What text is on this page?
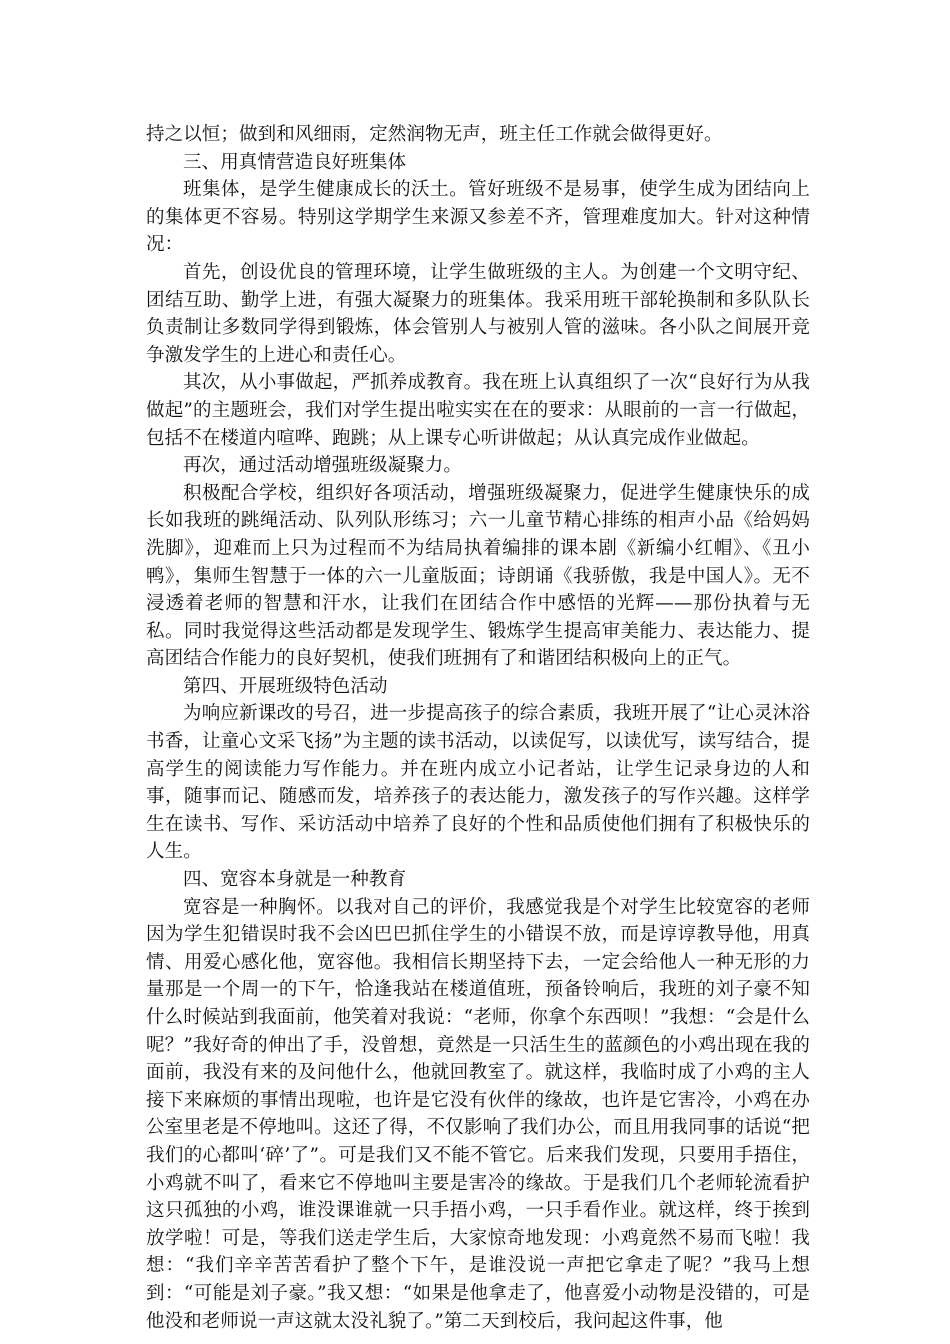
持之以恒；做到和风细雨，定然润物无声，班主任工作就会做得更好。

三、用真情营造良好班集体

班集体，是学生健康成长的沃土。管好班级不是易事，使学生成为团结向上的集体更不容易。特别这学期学生来源又参差不齐，管理难度加大。针对这种情况：

首先，创设优良的管理环境，让学生做班级的主人。为创建一个文明守纪、团结互助、勤学上进，有强大凝聚力的班集体。我采用班干部轮换制和多队队长负责制让多数同学得到锻炼，体会管别人与被别人管的滋味。各小队之间展开竞争激发学生的上进心和责任心。

其次，从小事做起，严抓养成教育。我在班上认真组织了一次“良好行为从我做起”的主题班会，我们对学生提出啦实实在在的要求：从眼前的一言一行做起，包括不在楼道内喧哗、跑跳；从上课专心听讲做起；从认真完成作业做起。

再次，通过活动增强班级凝聚力。

积极配合学校，组织好各项活动，增强班级凝聚力，促进学生健康快乐的成长如我班的跳绳活动、队列队形练习；六一儿童节精心排练的相声小品《给妈妈洗脚》，迎难而上只为过程而不为结局执着编排的课本剧《新编小红帽》、《丑小鸭》，集师生智慧于一体的六一儿童版面；诗朗诵《我骄傲，我是中国人》。无不浸透着老师的智慧和汗水，让我们在团结合作中感悟的光辉——那份执着与无私。同时我觉得这些活动都是发现学生、锻炼学生提高审美能力、表达能力、提高团结合作能力的良好契机，使我们班拥有了和谐团结积极向上的正气。

第四、开展班级特色活动

为响应新课改的号召，进一步提高孩子的综合素质，我班开展了“让心灵沐浴书香，让童心文采飞扬”为主题的读书活动，以读促写，以读优写，读写结合，提高学生的阅读能力写作能力。并在班内成立小记者站，让学生记录身边的人和事，随事而记、随感而发，培养孩子的表达能力，激发孩子的写作兴趣。这样学生在读书、写作、采访活动中培养了良好的个性和品质使他们拥有了积极快乐的人生。

四、宽容本身就是一种教育

宽容是一种胸怀。以我对自己的评价，我感觉我是个对学生比较宽容的老师因为学生犯错误时我不会凶巴巴抓住学生的小错误不放，而是谆谆教导他，用真情、用爱心感化他，宽容他。我相信长期坚持下去，一定会给他人一种无形的力量那是一个周一的下午，恰逢我站在楼道值班，预备铃响后，我班的刘子豪不知什么时候站到我面前，他笑着对我说：“老师，你拿个东西呗！”我想：“会是什么呢？”我好奇的伸出了手，没曾想，竟然是一只活生生的蓝颜色的小鸡出现在我的面前，我没有来的及问他什么，他就回教室了。就这样，我临时成了小鸡的主人接下来麻烦的事情出现啦，也许是它没有伙伴的缘故，也许是它害冷，小鸡在办公室里老是不停地叫。这还了得，不仅影响了我们办公，而且用我同事的话说“把我们的心都叫‘碎’了”。可是我们又不能不管它。后来我们发现，只要用手捂住，小鸡就不叫了，看来它不停地叫主要是害冷的缘故。于是我们几个老师轮流看护这只孤独的小鸡，谁没课谁就一只手捂小鸡，一只手看作业。就这样，终于挨到放学啦！可是，等我们送走学生后，大家惊奇地发现：小鸡竟然不易而飞啦！我想：“我们辛辛苦苦看护了整个下午，是谁没说一声把它拿走了呢？”我马上想到：“可能是刘子豪。”我又想：“如果是他拿走了，他喜爱小动物是没错的，可是他没和老师说一声这就太没礼貌了。”第二天到校后，我问起这件事，他
